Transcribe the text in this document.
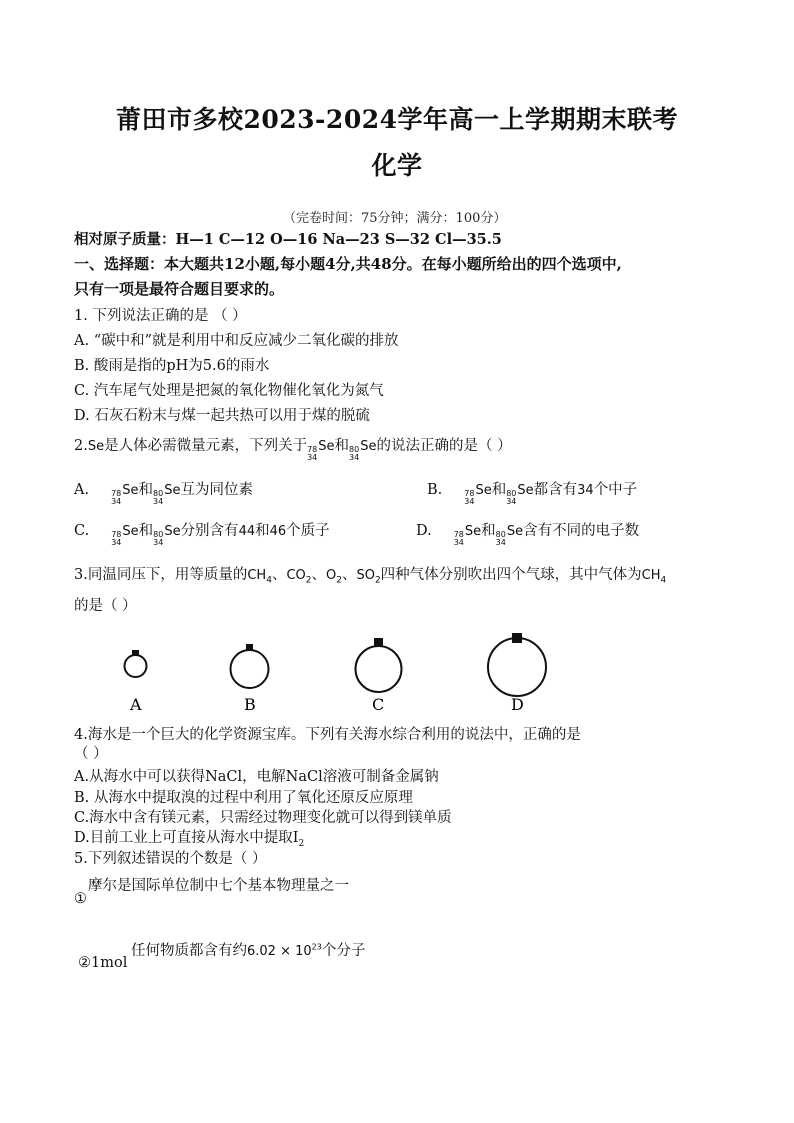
莆田市多校2023-2024学年高一上学期期末联考
化学
（完卷时间：75分钟；满分：100分）
相对原子质量：H—1 C—12 O—16 Na—23 S—32 Cl—35.5
一、选择题：本大题共12小题,每小题4分,共48分。在每小题所给出的四个选项中,
只有一项是最符合题目要求的。
1. 下列说法正确的是 （ ）
A. “碳中和”就是利用中和反应减少二氧化碳的排放
B. 酸雨是指的pH为5.6的雨水
C. 汽车尾气处理是把氮的氧化物催化氧化为氮气
D. 石灰石粉末与煤一起共热可以用于煤的脱硫
2.Se是人体必需微量元素，下列关于 78
34
Se和 80
34
Se的说法正确的是（ ）
A.	78
34
Se和 80
34
Se互为同位素	B.	78
34
Se和 80
34
Se都含有34个中子
C.	78
34
Se和 80
34
Se分别含有44和46个质子	D.	78
34
Se和 80
34
Se含有不同的电子数
3.同温同压下，用等质量的$CH_4$、$CO_2$、$O_2$、$SO_2$四种气体分别吹出四个气球，其中气体为$CH_4$
的是（ ）
A	B	C	D
4.海水是一个巨大的化学资源宝库。下列有关海水综合利用的说法中，正确的是
（ ）
A.从海水中可以获得NaCl，电解NaCl溶液可制备金属钠
B. 从海水中提取溴的过程中利用了氧化还原反应原理
C.海水中含有镁元素，只需经过物理变化就可以得到镁单质
D.目前工业上可直接从海水中提取$I_2$
5.下列叙述错误的个数是（ ）
摩尔是国际单位制中七个基本物理量之一
①
任何物质都含有约$6.02 \times 10^{23}$个分子
②1mol
